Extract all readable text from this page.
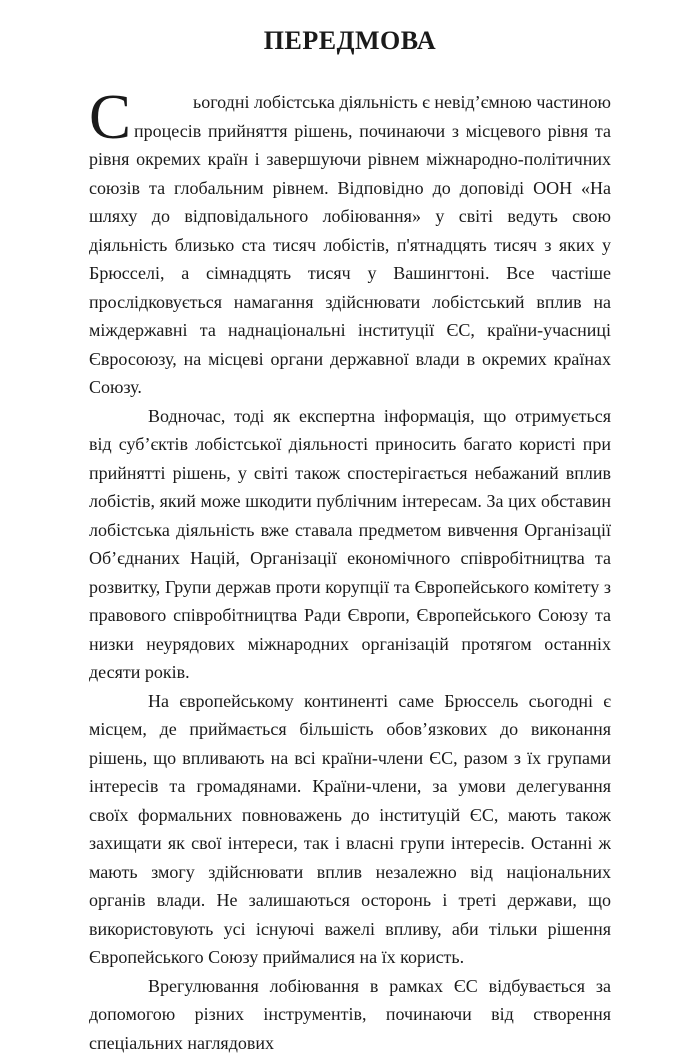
ПЕРЕДМОВА

С	ьогодні лобістська діяльність є невід’ємною частиною
процесів прийняття рішень, починаючи з місцевого рівня та рівня окремих країн і завершуючи рівнем міжнародно-політичних союзів та глобальним рівнем. Відповідно до доповіді ООН «На шляху до відповідального лобіювання» у світі ведуть свою діяльність близько ста тисяч лобістів, п'ятнадцять тисяч з яких у Брюсселі, а сімнадцять тисяч у Вашингтоні. Все частіше прослідковується намагання здійснювати лобістський вплив на міждержавні та наднаціональні інституції ЄС, країни-учасниці Євросоюзу, на місцеві органи державної влади в окремих країнах Союзу.

Водночас, тоді як експертна інформація, що отримується від суб’єктів лобістської діяльності приносить багато користі при прийнятті рішень, у світі також спостерігається небажаний вплив лобістів, який може шкодити публічним інтересам. За цих обставин лобістська діяльність вже ставала предметом вивчення Організації Об’єднаних Націй, Організації економічного співробітництва та розвитку, Групи держав проти корупції та Європейського комітету з правового співробітництва Ради Європи, Європейського Союзу та низки неурядових міжнародних організацій протягом останніх десяти років.

На європейському континенті саме Брюссель сьогодні є місцем, де приймається більшість обов’язкових до виконання рішень, що впливають на всі країни-члени ЄС, разом з їх групами інтересів та громадянами. Країни-члени, за умови делегування своїх формальних повноважень до інституцій ЄС, мають також захищати як свої інтереси, так і власні групи інтересів. Останні ж мають змогу здійснювати вплив незалежно від національних органів влади. Не залишаються осторонь і треті держави, що використовують усі існуючі важелі впливу, аби тільки рішення Європейського Союзу приймалися на їх користь.

Врегулювання лобіювання в рамках ЄС відбувається за допомогою різних інструментів, починаючи від створення спеціальних наглядових
